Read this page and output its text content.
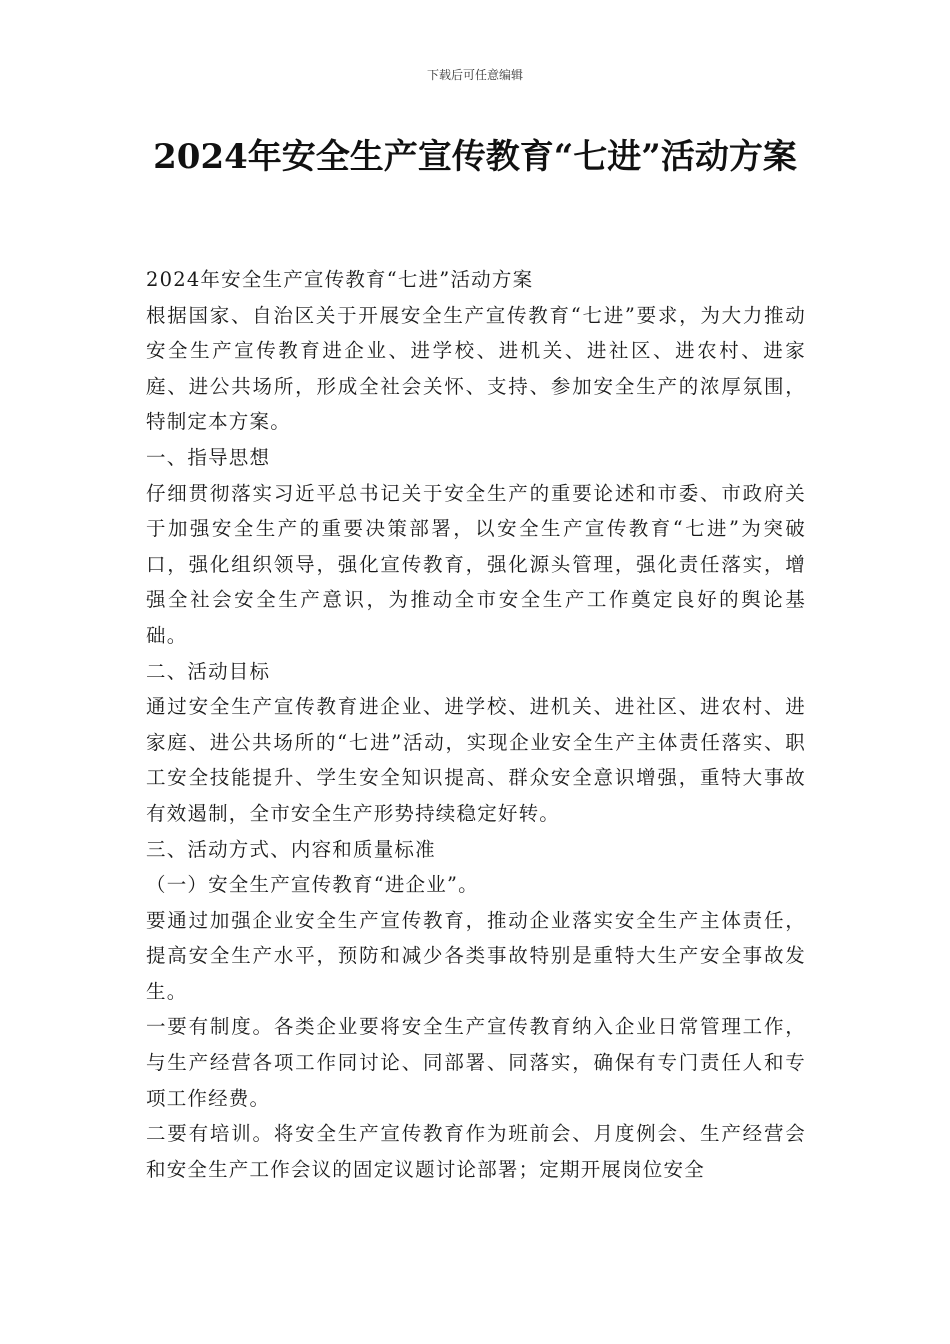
下载后可任意编辑
2024年安全生产宣传教育“七进”活动方案

2024年安全生产宣传教育“七进”活动方案

根据国家、自治区关于开展安全生产宣传教育“七进”要求，为大力推动安全生产宣传教育进企业、进学校、进机关、进社区、进农村、进家庭、进公共场所，形成全社会关怀、支持、参加安全生产的浓厚氛围，特制定本方案。

一、指导思想

仔细贯彻落实习近平总书记关于安全生产的重要论述和市委、市政府关于加强安全生产的重要决策部署，以安全生产宣传教育“七进”为突破口，强化组织领导，强化宣传教育，强化源头管理，强化责任落实，增强全社会安全生产意识，为推动全市安全生产工作奠定良好的舆论基础。

二、活动目标

通过安全生产宣传教育进企业、进学校、进机关、进社区、进农村、进家庭、进公共场所的“七进”活动，实现企业安全生产主体责任落实、职工安全技能提升、学生安全知识提高、群众安全意识增强，重特大事故有效遏制，全市安全生产形势持续稳定好转。

三、活动方式、内容和质量标准

（一）安全生产宣传教育“进企业”。

要通过加强企业安全生产宣传教育，推动企业落实安全生产主体责任，提高安全生产水平，预防和减少各类事故特别是重特大生产安全事故发生。

一要有制度。各类企业要将安全生产宣传教育纳入企业日常管理工作，与生产经营各项工作同讨论、同部署、同落实，确保有专门责任人和专项工作经费。

二要有培训。将安全生产宣传教育作为班前会、月度例会、生产经营会和安全生产工作会议的固定议题讨论部署；定期开展岗位安全
